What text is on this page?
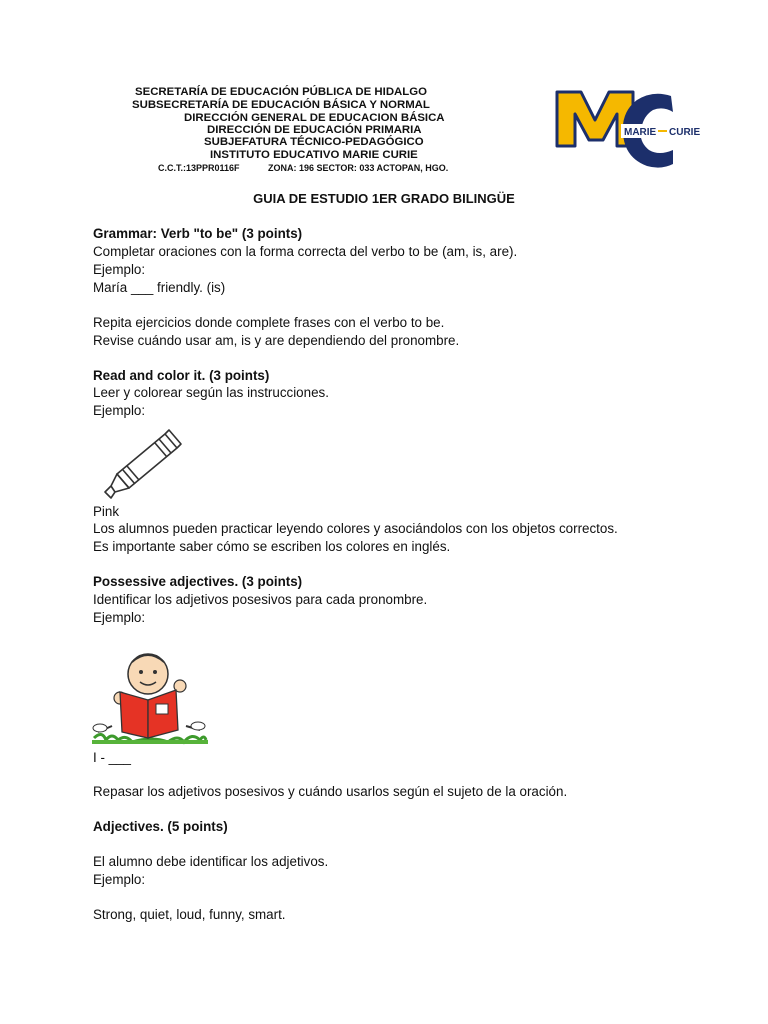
SECRETARÍA DE EDUCACIÓN PÚBLICA DE HIDALGO
SUBSECRETARÍA DE EDUCACIÓN BÁSICA Y NORMAL
DIRECCIÓN GENERAL DE EDUCACION BÁSICA
DIRECCIÓN DE EDUCACIÓN PRIMARIA
SUBJEFATURA TÉCNICO-PEDAGÓGICO
INSTITUTO EDUCATIVO MARIE CURIE
C.C.T.:13PPR0116F	ZONA: 196 SECTOR: 033 ACTOPAN, HGO.
MARIE CURIE
GUIA DE ESTUDIO 1ER GRADO BILINGÜE
Grammar: Verb "to be" (3 points)
Completar oraciones con la forma correcta del verbo to be (am, is, are).
Ejemplo:
María ___ friendly. (is)
Repita ejercicios donde complete frases con el verbo to be.
Revise cuándo usar am, is y are dependiendo del pronombre.
Read and color it. (3 points)
Leer y colorear según las instrucciones.
Ejemplo:
Pink
Los alumnos pueden practicar leyendo colores y asociándolos con los objetos correctos.
Es importante saber cómo se escriben los colores en inglés.
Possessive adjectives. (3 points)
Identificar los adjetivos posesivos para cada pronombre.
Ejemplo:
I - ___
Repasar los adjetivos posesivos y cuándo usarlos según el sujeto de la oración.
Adjectives. (5 points)
El alumno debe identificar los adjetivos.
Ejemplo:
Strong, quiet, loud, funny, smart.
